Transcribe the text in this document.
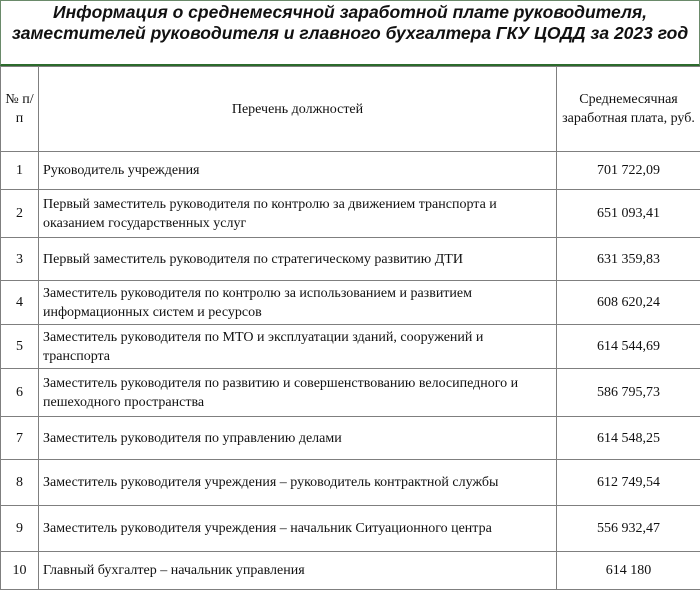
Информация о среднемесячной заработной плате руководителя, заместителей руководителя и главного бухгалтера ГКУ ЦОДД за 2023 год
№ п/п	Перечень должностей	Среднемесячная заработная плата, руб.
1	Руководитель учреждения	701 722,09
2	Первый заместитель руководителя по контролю за движением транспорта и оказанием государственных услуг	651 093,41
3	Первый заместитель руководителя по стратегическому развитию ДТИ	631 359,83
4	Заместитель руководителя по контролю за использованием и развитием информационных систем и ресурсов	608 620,24
5	Заместитель руководителя по МТО и эксплуатации зданий, сооружений и транспорта	614 544,69
6	Заместитель руководителя по развитию и совершенствованию велосипедного и пешеходного пространства	586 795,73
7	Заместитель руководителя по управлению делами	614 548,25
8	Заместитель руководителя учреждения – руководитель контрактной службы	612 749,54
9	Заместитель руководителя учреждения – начальник Ситуационного центра	556 932,47
10	Главный бухгалтер – начальник управления	614 180
